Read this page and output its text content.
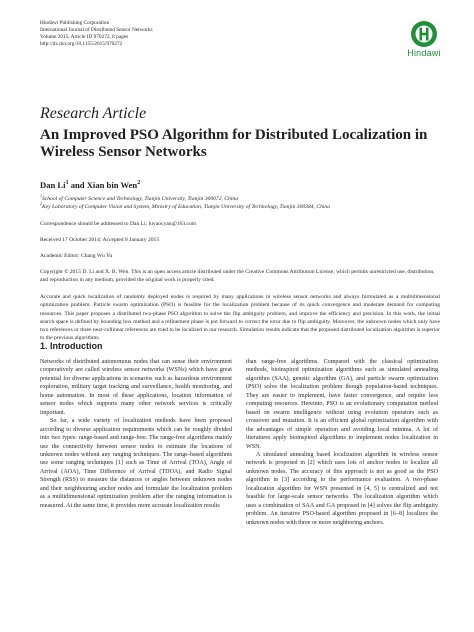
Hindawi Publishing Corporation
International Journal of Distributed Sensor Networks
Volume 2015, Article ID 970272, 8 pages
http://dx.doi.org/10.1155/2015/970272
Hindawi
Research Article
An Improved PSO Algorithm for Distributed Localization in
Wireless Sensor Networks
Dan Li$^1$ and Xian bin Wen$^2$
$^1$School of Computer Science and Technology, Tianjin University, Tianjin 300072, China
$^2$Key Laboratory of Computer Vision and System, Ministry of Education, Tianjin University of Technology, Tianjin 300384, China
Correspondence should be addressed to Dan Li; luyaocyan@163.com
Received 17 October 2014; Accepted 8 January 2015
Academic Editor: Chang Wu Yu
Copyright © 2015 D. Li and X. B. Wen. This is an open access article distributed under the Creative Commons Attribution License, which permits unrestricted use, distribution, and reproduction in any medium, provided the original work is properly cited.
Accurate and quick localization of randomly deployed nodes is required by many applications in wireless sensor networks and always formulated as a multidimensional optimization problem. Particle swarm optimization (PSO) is feasible for the localization problem because of its quick convergence and moderate demand for computing resources. This paper proposes a distributed two-phase PSO algorithm to solve the flip ambiguity problem, and improve the efficiency and precision. In this work, the initial search space is defined by bounding box method and a refinement phase is put forward to correct the error due to flip ambiguity. Moreover, the unknown nodes which only have two references or three near-collinear references are tried to be localized in our research. Simulation results indicate that the proposed distributed localization algorithm is superior to the previous algorithms.
1. Introduction

Networks of distributed autonomous nodes that can sense their environment cooperatively are called wireless sensor networks (WSNs) which have great potential for diverse applications in scenarios such as hazardous environment exploration, military target tracking and surveillance, health monitoring, and home automation. In most of these applications, location information of sensor nodes which supports many other network services is critically important.

So far, a wide variety of localization methods have been proposed according to diverse application requirements which can be roughly divided into two types: range-based and range-free. The range-free algorithms mainly use the connectivity between sensor nodes to estimate the locations of unknown nodes without any ranging techniques. The range-based algorithms use some ranging techniques [1] such as Time of Arrival (TOA), Angle of Arrival (AOA), Time Difference of Arrival (TDOA), and Radio Signal Strength (RSS) to measure the distances or angles between unknown nodes and their neighbouring anchor nodes and formulate the localization problem as a multidimensional optimization problem after the ranging information is measured. At the same time, it provides more accurate localization results

than range-free algorithms. Compared with the classical optimization methods, bioinspired optimization algorithms such as simulated annealing algorithm (SAA), genetic algorithm (GA), and particle swarm optimization (PSO) solve the localization problem though population-based techniques. They are easier to implement, have faster convergence, and require less computing resources. Hereinto, PSO is an evolutionary computation method based on swarm intelligence without using evolution operators such as crossover and mutation. It is an efficient global optimization algorithm with the advantages of simple operation and avoiding local minima. A lot of literatures apply bioinspired algorithms to implement nodes localization in WSN.

A simulated annealing based localization algorithm in wireless sensor network is proposed in [2] which uses lots of anchor nodes to localize all unknown nodes. The accuracy of this approach is not as good as the PSO algorithm in [3] according to the performance evaluation. A two-phase localization algorithm for WSN presented in [4, 5] is centralized and not feasible for large-scale sensor networks. The localization algorithm which uses a combination of SAA and GA proposed in [4] solves the flip ambiguity problem. An iterative PSO-based algorithm proposed in [6–8] localizes the unknown nodes with three or more neighboring anchors.
